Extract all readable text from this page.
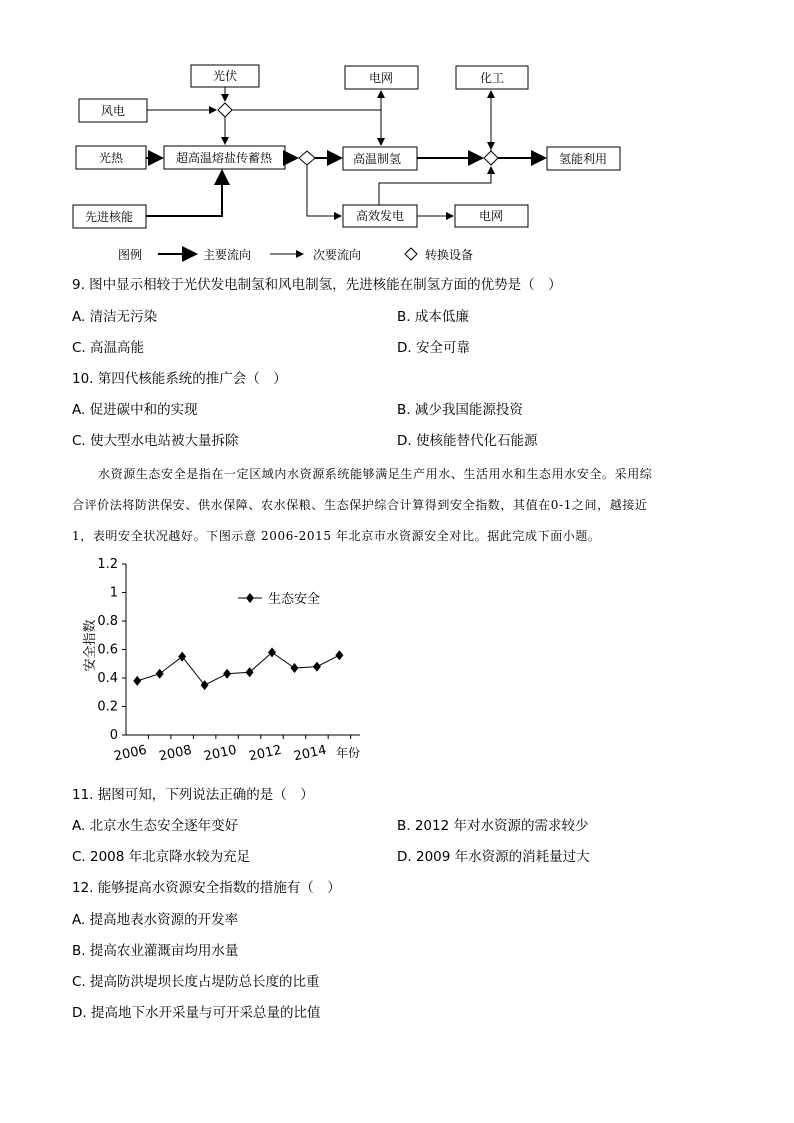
光伏
风电
电网	化工
光热	超高温熔盐传蓄热	高温制氢	氢能利用
先进核能	高效发电	电网
图例	主要流向	次要流向	转换设备
9. 图中显示相较于光伏发电制氢和风电制氢，先进核能在制氢方面的优势是（　）
A. 清洁无污染	B. 成本低廉
C. 高温高能	D. 安全可靠
10. 第四代核能系统的推广会（　）
A. 促进碳中和的实现	B. 减少我国能源投资
C. 使大型水电站被大量拆除	D. 使核能替代化石能源
水资源生态安全是指在一定区域内水资源系统能够满足生产用水、生活用水和生态用水安全。采用综
合评价法将防洪保安、供水保障、农水保粮、生态保护综合计算得到安全指数，其值在0-1之间，越接近
1，表明安全状况越好。下图示意 2006-2015 年北京市水资源安全对比。据此完成下面小题。
0
0.2
0.4
0.6
0.8
1
1.2
2006 2008 2010 2012 2014 年份
安全指数
生态安全
11. 据图可知，下列说法正确的是（　）
A. 北京水生态安全逐年变好	B. 2012 年对水资源的需求较少
C. 2008 年北京降水较为充足	D. 2009 年水资源的消耗量过大
12. 能够提高水资源安全指数的措施有（　）
A. 提高地表水资源的开发率
B. 提高农业灌溉亩均用水量
C. 提高防洪堤坝长度占堤防总长度的比重
D. 提高地下水开采量与可开采总量的比值
